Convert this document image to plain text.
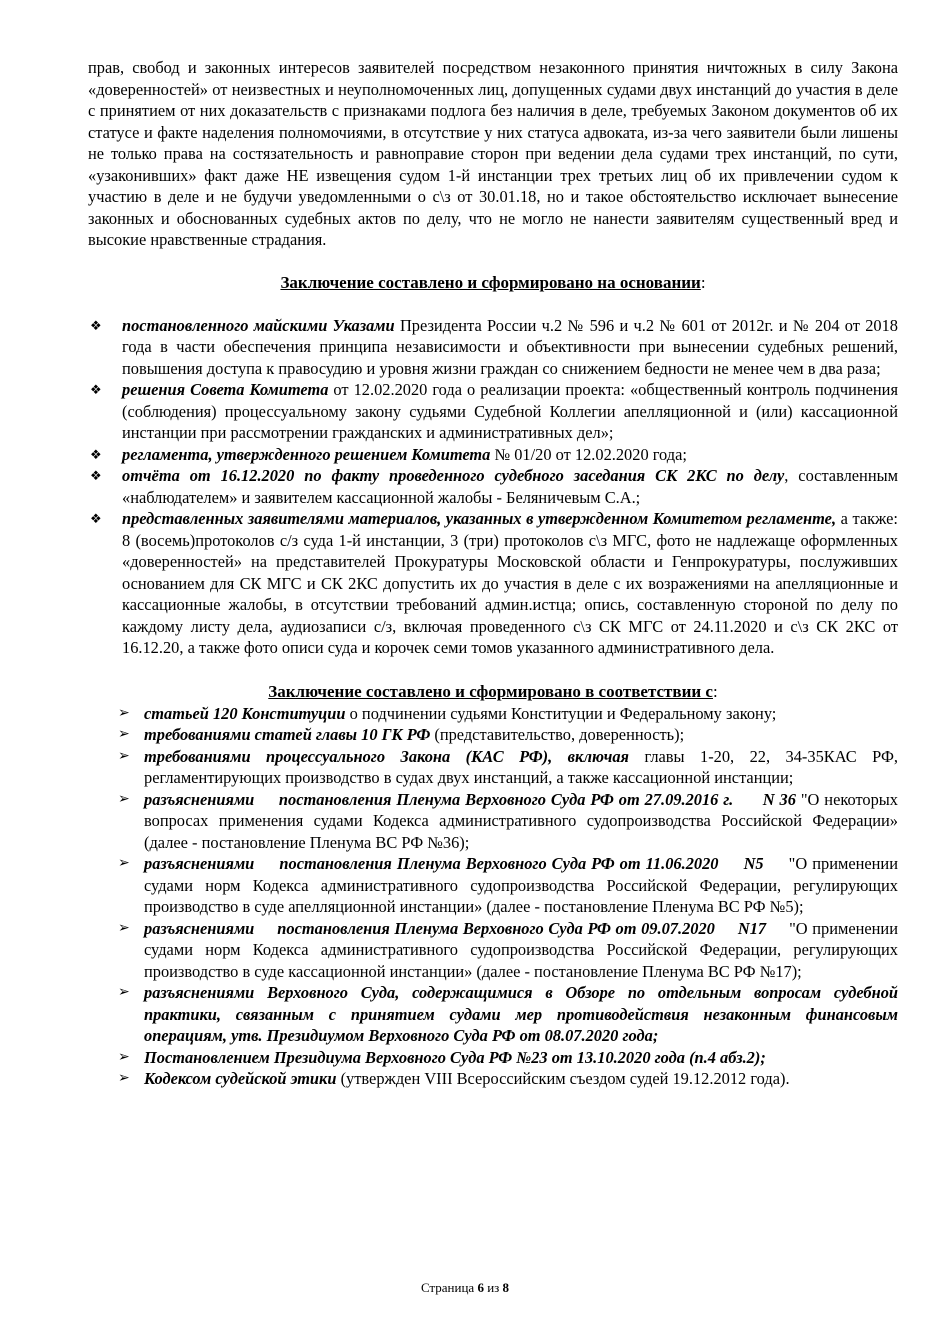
прав, свобод и законных интересов заявителей посредством незаконного принятия ничтожных в силу Закона «доверенностей» от неизвестных и неуполномоченных лиц, допущенных судами двух инстанций до участия в деле с принятием от них доказательств с признаками подлога без наличия в деле, требуемых Законом документов об их статусе и факте наделения полномочиями, в отсутствие у них статуса адвоката, из-за чего заявители были лишены не только права на состязательность и равноправие сторон при ведении дела судами трех инстанций, по сути, «узаконивших» факт даже НЕ извещения судом 1-й инстанции трех третьих лиц об их привлечении судом к участию в деле и не будучи уведомленными о с\з от 30.01.18, но и такое обстоятельство исключает вынесение законных и обоснованных судебных актов по делу, что не могло не нанести заявителям существенный вред и высокие нравственные страдания.

Заключение составлено и сформировано на основании:
❖ постановленного майскими Указами Президента России ч.2 № 596 и ч.2 № 601 от 2012г. и № 204 от 2018 года в части обеспечения принципа независимости и объективности при вынесении судебных решений, повышения доступа к правосудию и уровня жизни граждан со снижением бедности не менее чем в два раза;
❖ решения Совета Комитета от 12.02.2020 года о реализации проекта: «общественный контроль подчинения (соблюдения) процессуальному закону судьями Судебной Коллегии апелляционной и (или) кассационной инстанции при рассмотрении гражданских и административных дел»;
❖ регламента, утвержденного решением Комитета № 01/20 от 12.02.2020 года;
❖ отчёта от 16.12.2020 по факту проведенного судебного заседания СК 2КС по делу, составленным «наблюдателем» и заявителем кассационной жалобы - Беляничевым С.А.;
❖ представленных заявителями материалов, указанных в утвержденном Комитетом регламенте, а также: 8 (восемь)протоколов с/з суда 1-й инстанции, 3 (три) протоколов с\з МГС, фото не надлежаще оформленных «доверенностей» на представителей Прокуратуры Московской области и Генпрокуратуры, послуживших основанием для СК МГС и СК 2КС допустить их до участия в деле с их возражениями на апелляционные и кассационные жалобы, в отсутствии требований админ.истца; опись, составленную стороной по делу по каждому листу дела, аудиозаписи с/з, включая проведенного с\з СК МГС от 24.11.2020 и с\з СК 2КС от 16.12.20, а также фото описи суда и корочек семи томов указанного административного дела.
Заключение составлено и сформировано в соответствии с:
➢ статьей 120 Конституции о подчинении судьями Конституции и Федеральному закону;
➢ требованиями статей главы 10 ГК РФ (представительство, доверенность);
➢ требованиями процессуального Закона (КАС РФ), включая главы 1-20, 22, 34-35КАС РФ, регламентирующих производство в судах двух инстанций, а также кассационной инстанции;
➢ разъяснениями     постановления Пленума Верховного Суда РФ от 27.09.2016 г.      N 36 "О некоторых вопросах применения судами Кодекса административного судопроизводства Российской Федерации» (далее - постановление Пленума ВС РФ №36);
➢ разъяснениями     постановления Пленума Верховного Суда РФ от 11.06.2020     N5     "О применении судами норм Кодекса административного судопроизводства Российской Федерации, регулирующих производство в суде апелляционной инстанции» (далее - постановление Пленума ВС РФ №5);
➢ разъяснениями     постановления Пленума Верховного Суда РФ от 09.07.2020     N17     "О применении судами норм Кодекса административного судопроизводства Российской Федерации, регулирующих производство в суде кассационной инстанции» (далее - постановление Пленума ВС РФ №17);
➢ разъяснениями Верховного Суда, содержащимися в Обзоре по отдельным вопросам судебной практики, связанным с принятием судами мер противодействия незаконным финансовым операциям, утв. Президиумом Верховного Суда РФ от 08.07.2020 года;
➢ Постановлением Президиума Верховного Суда РФ №23 от 13.10.2020 года (п.4 абз.2);
➢ Кодексом судейской этики (утвержден VIII Всероссийским съездом судей 19.12.2012 года).
Страница 6 из 8
